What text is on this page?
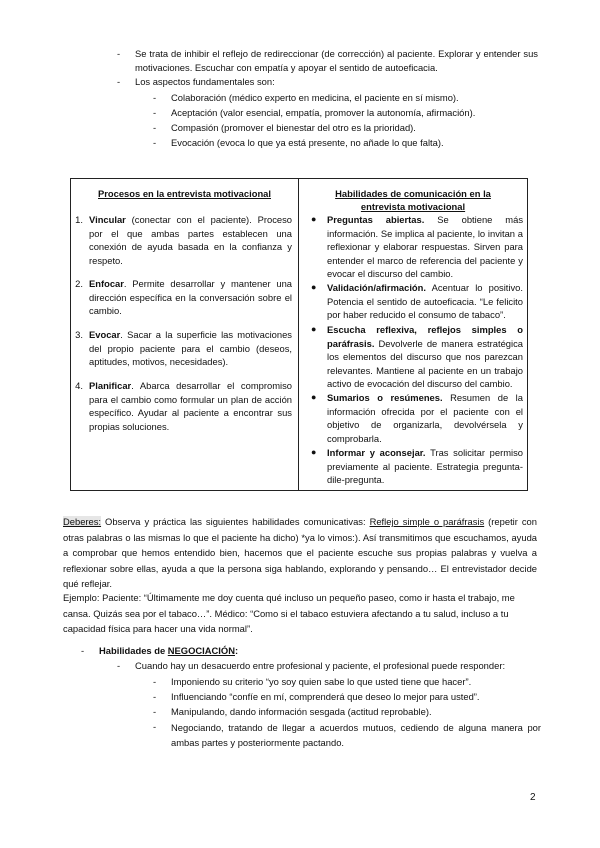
-	Se trata de inhibir el reflejo de redireccionar (de corrección) al paciente. Explorar y entender sus motivaciones. Escuchar con empatía y apoyar el sentido de autoeficacia.
-	Los aspectos fundamentales son:
-	Colaboración (médico experto en medicina, el paciente en sí mismo).
-	Aceptación (valor esencial, empatía, promover la autonomía, afirmación).
-	Compasión (promover el bienestar del otro es la prioridad).
-	Evocación (evoca lo que ya está presente, no añade lo que falta).
Procesos en la entrevista motivacional	Habilidades de comunicación en la entrevista motivacional
1. Vincular (conectar con el paciente). Proceso por el que ambas partes establecen una conexión de ayuda basada en la confianza y respeto.
2. Enfocar. Permite desarrollar y mantener una dirección específica en la conversación sobre el cambio.
3. Evocar. Sacar a la superficie las motivaciones del propio paciente para el cambio (deseos, aptitudes, motivos, necesidades).
4. Planificar. Abarca desarrollar el compromiso para el cambio como formular un plan de acción específico. Ayudar al paciente a encontrar sus propias soluciones.
●	Preguntas abiertas. Se obtiene más información. Se implica al paciente, lo invitan a reflexionar y elaborar respuestas. Sirven para entender el marco de referencia del paciente y evocar el discurso del cambio.
●	Validación/afirmación. Acentuar lo positivo. Potencia el sentido de autoeficacia. “Le felicito por haber reducido el consumo de tabaco”.
●	Escucha reflexiva, reflejos simples o paráfrasis. Devolverle de manera estratégica los elementos del discurso que nos parezcan relevantes. Mantiene al paciente en un trabajo activo de evocación del discurso del cambio.
●	Sumarios o resúmenes. Resumen de la información ofrecida por el paciente con el objetivo de organizarla, devolvérsela y comprobarla.
●	Informar y aconsejar. Tras solicitar permiso previamente al paciente. Estrategia pregunta-dile-pregunta.
Deberes: Observa y práctica las siguientes habilidades comunicativas: Reflejo simple o paráfrasis (repetir con otras palabras o las mismas lo que el paciente ha dicho) *ya lo vimos:). Así transmitimos que escuchamos, ayuda a comprobar que hemos entendido bien, hacemos que el paciente escuche sus propias palabras y vuelva a reflexionar sobre ellas, ayuda a que la persona siga hablando, explorando y pensando… El entrevistador decide qué reflejar.
Ejemplo: Paciente: “Últimamente me doy cuenta qué incluso un pequeño paseo, como ir hasta el trabajo, me cansa. Quizás sea por el tabaco…”. Médico: “Como si el tabaco estuviera afectando a tu salud, incluso a tu capacidad física para hacer una vida normal”.
-	Habilidades de NEGOCIACIÓN:
-	Cuando hay un desacuerdo entre profesional y paciente, el profesional puede responder:
-	Imponiendo su criterio “yo soy quien sabe lo que usted tiene que hacer”.
-	Influenciando “confíe en mí, comprenderá que deseo lo mejor para usted”.
-	Manipulando, dando información sesgada (actitud reprobable).
-	Negociando, tratando de llegar a acuerdos mutuos, cediendo de alguna manera por ambas partes y posteriormente pactando.
2
